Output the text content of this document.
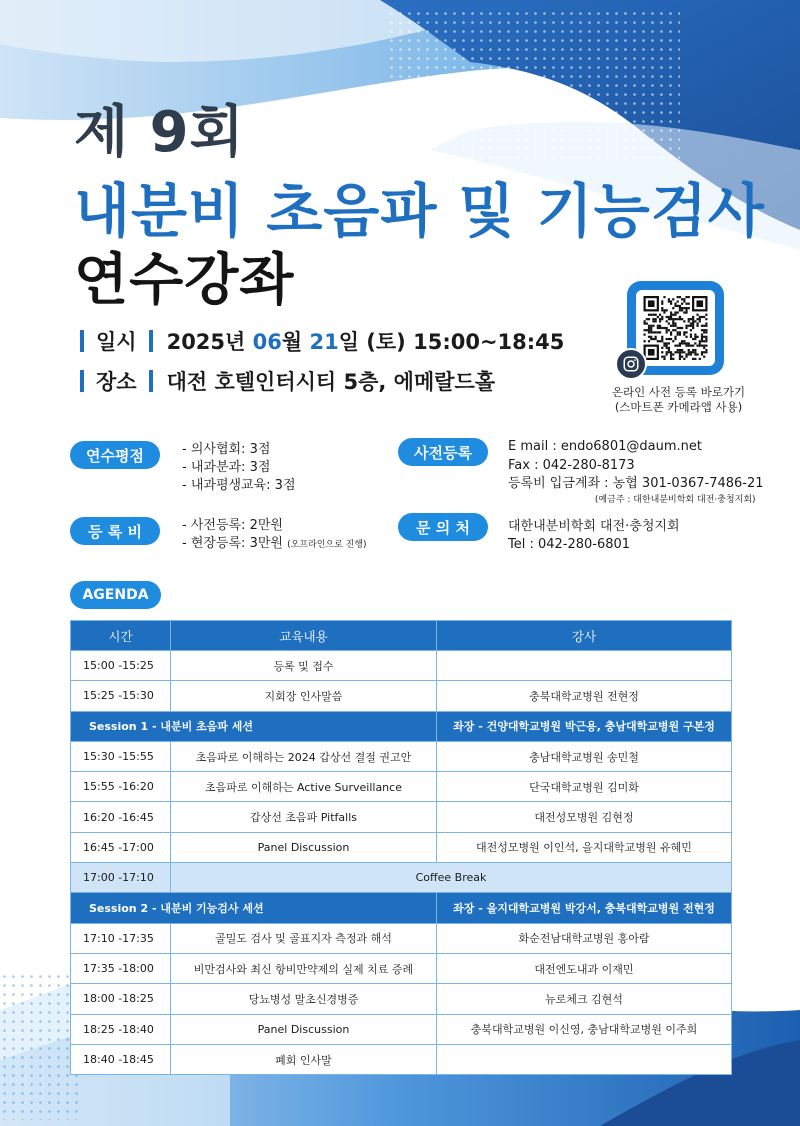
제 9회
내분비 초음파 및 기능검사
연수강좌
일시 2025년 06월 21일 (토) 15:00~18:45
장소 대전 호텔인터시티 5층, 에메랄드홀	온라인 사전 등록 바로가기
(스마트폰 카메라앱 사용)
연수평점	- 의사협회: 3점
- 내과분과: 3점
- 내과평생교육: 3점
등 록 비	- 사전등록: 2만원
- 현장등록: 3만원 (오프라인으로 진행)
사전등록	E mail : endo6801@daum.net
Fax : 042-280-8173
등록비 입금계좌 : 농협 301-0367-7486-21
(예금주 : 대한내분비학회 대전·충청지회)
문 의 처	대한내분비학회 대전·충청지회
Tel : 042-280-6801
AGENDA
시간	교육내용	강사
15:00 -15:25	등록 및 접수	
15:25 -15:30	지회장 인사말씀	충북대학교병원 전현정
Session 1 - 내분비 초음파 세션		좌장 - 건양대학교병원 박근용, 충남대학교병원 구본정
15:30 -15:55	초음파로 이해하는 2024 갑상선 결절 권고안	충남대학교병원 송민철
15:55 -16:20	초음파로 이해하는 Active Surveillance	단국대학교병원 김미화
16:20 -16:45	갑상선 초음파 Pitfalls	대전성모병원 김현정
16:45 -17:00	Panel Discussion	대전성모병원 이인석, 을지대학교병원 유혜민
17:00 -17:10	Coffee Break	
Session 2 - 내분비 기능검사 세션		좌장 - 을지대학교병원 박강서, 충북대학교병원 전현정
17:10 -17:35	골밀도 검사 및 골표지자 측정과 해석	화순전남대학교병원 홍아람
17:35 -18:00	비만검사와 최신 항비만약제의 실제 치료 증례	대전엔도내과 이재민
18:00 -18:25	당뇨병성 말초신경병증	뉴로체크 김현석
18:25 -18:40	Panel Discussion	충북대학교병원 이신영, 충남대학교병원 이주희
18:40 -18:45	폐회 인사말	
